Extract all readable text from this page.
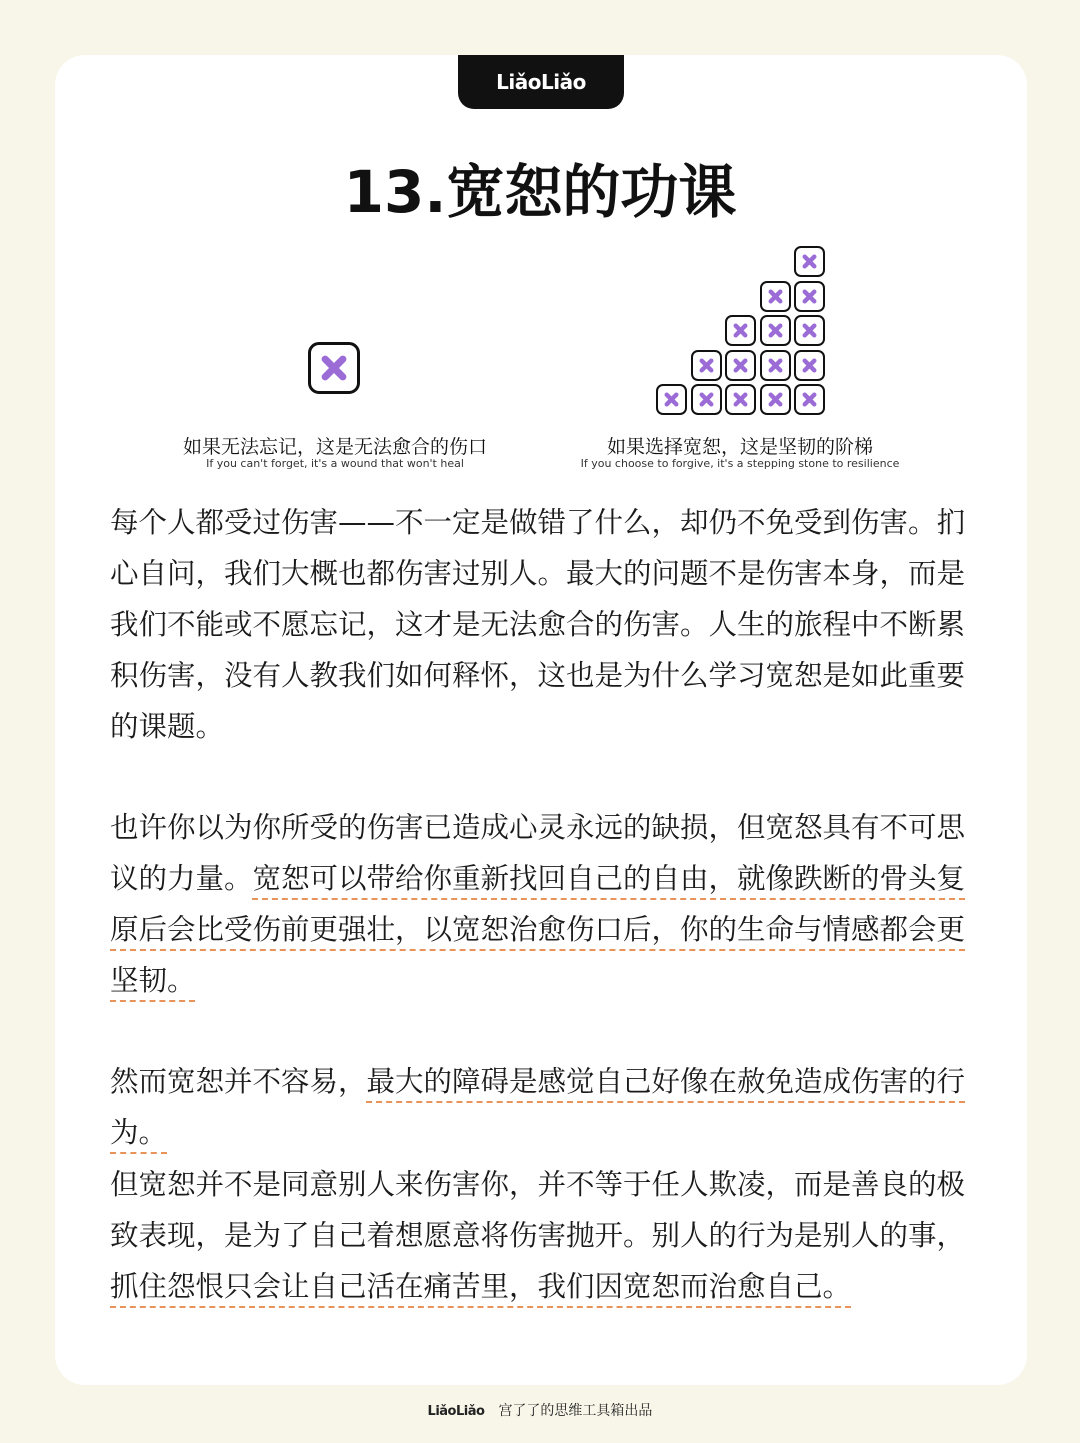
LiǎoLiǎo
13.宽恕的功课
如果无法忘记，这是无法愈合的伤口
If you can't forget, it's a wound that won't heal
如果选择宽恕，这是坚韧的阶梯
If you choose to forgive, it's a stepping stone to resilience

每个人都受过伤害——不一定是做错了什么，却仍不免受到伤害。扪心自问，我们大概也都伤害过别人。最大的问题不是伤害本身，而是我们不能或不愿忘记，这才是无法愈合的伤害。人生的旅程中不断累积伤害，没有人教我们如何释怀，这也是为什么学习宽恕是如此重要的课题。

也许你以为你所受的伤害已造成心灵永远的缺损，但宽怒具有不可思议的力量。宽恕可以带给你重新找回自己的自由，就像跌断的骨头复原后会比受伤前更强壮，以宽恕治愈伤口后，你的生命与情感都会更坚韧。

然而宽恕并不容易，最大的障碍是感觉自己好像在赦免造成伤害的行为。

但宽恕并不是同意别人来伤害你，并不等于任人欺凌，而是善良的极致表现，是为了自己着想愿意将伤害抛开。别人的行为是别人的事，抓住怨恨只会让自己活在痛苦里，我们因宽恕而治愈自己。

LiǎoLiǎo 宫了了的思维工具箱出品
